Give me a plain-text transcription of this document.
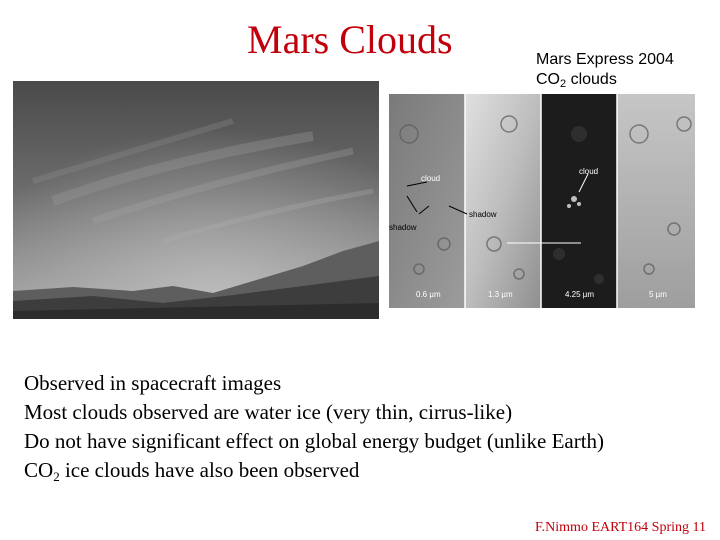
Mars Clouds	Mars Express 2004
$CO_2$ clouds
cloud
shadow
shadow
cloud
0.6 µm	1.3 µm	4.25 µm	5 µm
Observed in spacecraft images
Most clouds observed are water ice (very thin, cirrus-like)
Do not have significant effect on global energy budget (unlike Earth)
$CO_2$ ice clouds have also been observed
F.Nimmo EART164 Spring 11
